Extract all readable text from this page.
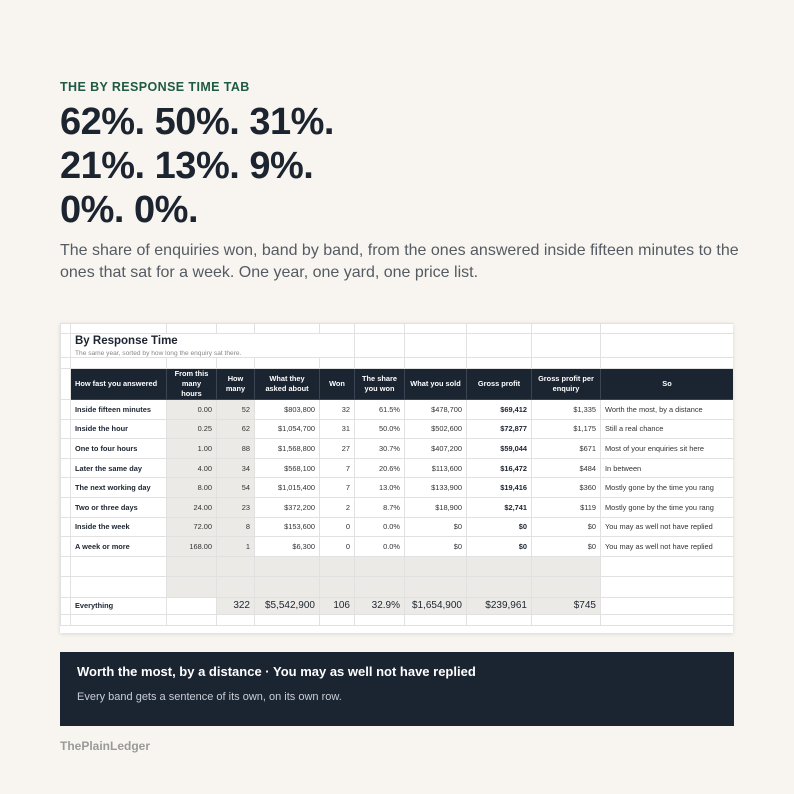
THE BY RESPONSE TIME TAB
62%. 50%. 31%.
21%. 13%. 9%.
0%. 0%.
The share of enquiries won, band by band, from the ones answered inside fifteen minutes to the ones that sat for a week. One year, one yard, one price list.

	By Response Time									
	The same year, sorted by how long the enquiry sat there.									

	How fast you answered	From this many hours	How many	What they asked about	Won	The share you won	What you sold	Gross profit	Gross profit per enquiry	So
	Inside fifteen minutes	0.00	52	$803,800	32	61.5%	$478,700	$69,412	$1,335	Worth the most, by a distance
	Inside the hour	0.25	62	$1,054,700	31	50.0%	$502,600	$72,877	$1,175	Still a real chance
	One to four hours	1.00	88	$1,568,800	27	30.7%	$407,200	$59,044	$671	Most of your enquiries sit here
	Later the same day	4.00	34	$568,100	7	20.6%	$113,600	$16,472	$484	In between
	The next working day	8.00	54	$1,015,400	7	13.0%	$133,900	$19,416	$360	Mostly gone by the time you rang
	Two or three days	24.00	23	$372,200	2	8.7%	$18,900	$2,741	$119	Mostly gone by the time you rang
	Inside the week	72.00	8	$153,600	0	0.0%	$0	$0	$0	You may as well not have replied
	A week or more	168.00	1	$6,300	0	0.0%	$0	$0	$0	You may as well not have replied

	Everything		322	$5,542,900	106	32.9%	$1,654,900	$239,961	$745	

Worth the most, by a distance · You may as well not have replied
Every band gets a sentence of its own, on its own row.
ThePlainLedger
